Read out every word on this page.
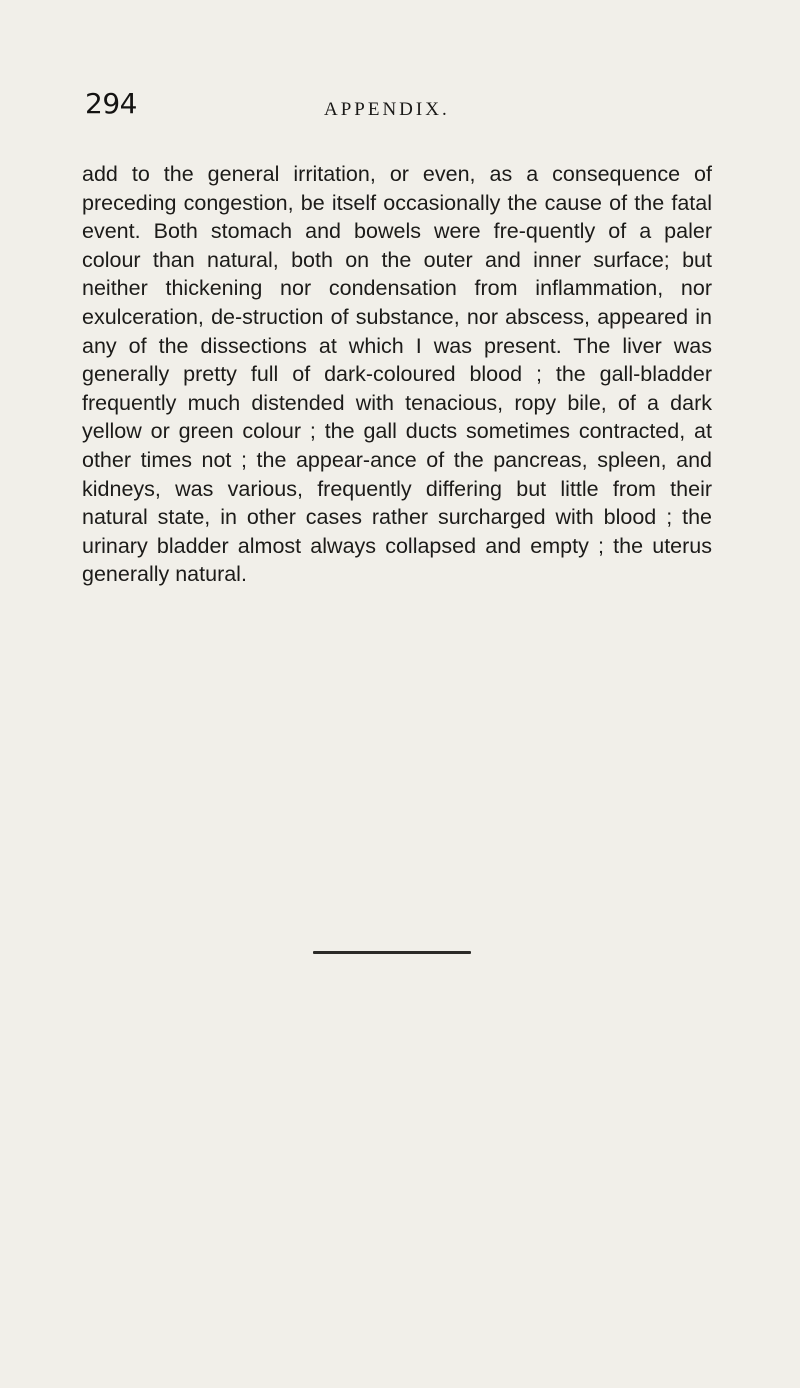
294	APPENDIX.

add to the general irritation, or even, as a consequence of preceding congestion, be itself occasionally the cause of the fatal event. Both stomach and bowels were fre-quently of a paler colour than natural, both on the outer and inner surface; but neither thickening nor condensation from inflammation, nor exulceration, de-struction of substance, nor abscess, appeared in any of the dissections at which I was present. The liver was generally pretty full of dark-coloured blood ; the gall-bladder frequently much distended with tenacious, ropy bile, of a dark yellow or green colour ; the gall ducts sometimes contracted, at other times not ; the appear-ance of the pancreas, spleen, and kidneys, was various, frequently differing but little from their natural state, in other cases rather surcharged with blood ; the urinary bladder almost always collapsed and empty ; the uterus generally natural.
